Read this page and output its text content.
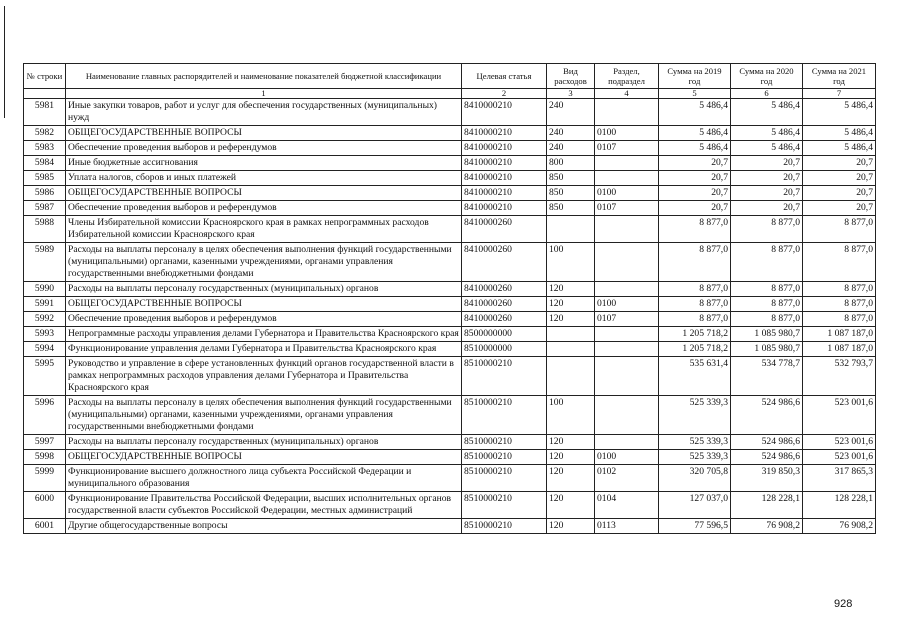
№ строки	Наименование главных распорядителей и наименование показателей бюджетной классификации	Целевая статья	Вид расходов	Раздел, подраздел	Сумма на 2019 год	Сумма на 2020 год	Сумма на 2021 год
	1	2	3	4	5	6	7
5981	Иные закупки товаров, работ и услуг для обеспечения государственных (муниципальных) нужд	8410000210	240		5 486,4	5 486,4	5 486,4
5982	ОБЩЕГОСУДАРСТВЕННЫЕ ВОПРОСЫ	8410000210	240	0100	5 486,4	5 486,4	5 486,4
5983	Обеспечение проведения выборов и референдумов	8410000210	240	0107	5 486,4	5 486,4	5 486,4
5984	Иные бюджетные ассигнования	8410000210	800		20,7	20,7	20,7
5985	Уплата налогов, сборов и иных платежей	8410000210	850		20,7	20,7	20,7
5986	ОБЩЕГОСУДАРСТВЕННЫЕ ВОПРОСЫ	8410000210	850	0100	20,7	20,7	20,7
5987	Обеспечение проведения выборов и референдумов	8410000210	850	0107	20,7	20,7	20,7
5988	Члены Избирательной комиссии Красноярского края в рамках непрограммных расходов Избирательной комиссии Красноярского края	8410000260			8 877,0	8 877,0	8 877,0
5989	Расходы на выплаты персоналу в целях обеспечения выполнения функций государственными (муниципальными) органами, казенными учреждениями, органами управления государственными внебюджетными фондами	8410000260	100		8 877,0	8 877,0	8 877,0
5990	Расходы на выплаты персоналу государственных (муниципальных) органов	8410000260	120		8 877,0	8 877,0	8 877,0
5991	ОБЩЕГОСУДАРСТВЕННЫЕ ВОПРОСЫ	8410000260	120	0100	8 877,0	8 877,0	8 877,0
5992	Обеспечение проведения выборов и референдумов	8410000260	120	0107	8 877,0	8 877,0	8 877,0
5993	Непрограммные расходы управления делами Губернатора и Правительства Красноярского края	8500000000			1 205 718,2	1 085 980,7	1 087 187,0
5994	Функционирование управления делами Губернатора и Правительства Красноярского края	8510000000			1 205 718,2	1 085 980,7	1 087 187,0
5995	Руководство и управление в сфере установленных функций органов государственной власти в рамках непрограммных расходов управления делами Губернатора и Правительства Красноярского края	8510000210			535 631,4	534 778,7	532 793,7
5996	Расходы на выплаты персоналу в целях обеспечения выполнения функций государственными (муниципальными) органами, казенными учреждениями, органами управления государственными внебюджетными фондами	8510000210	100		525 339,3	524 986,6	523 001,6
5997	Расходы на выплаты персоналу государственных (муниципальных) органов	8510000210	120		525 339,3	524 986,6	523 001,6
5998	ОБЩЕГОСУДАРСТВЕННЫЕ ВОПРОСЫ	8510000210	120	0100	525 339,3	524 986,6	523 001,6
5999	Функционирование высшего должностного лица субъекта Российской Федерации и муниципального образования	8510000210	120	0102	320 705,8	319 850,3	317 865,3
6000	Функционирование Правительства Российской Федерации, высших исполнительных органов государственной власти субъектов Российской Федерации, местных администраций	8510000210	120	0104	127 037,0	128 228,1	128 228,1
6001	Другие общегосударственные вопросы	8510000210	120	0113	77 596,5	76 908,2	76 908,2
928
